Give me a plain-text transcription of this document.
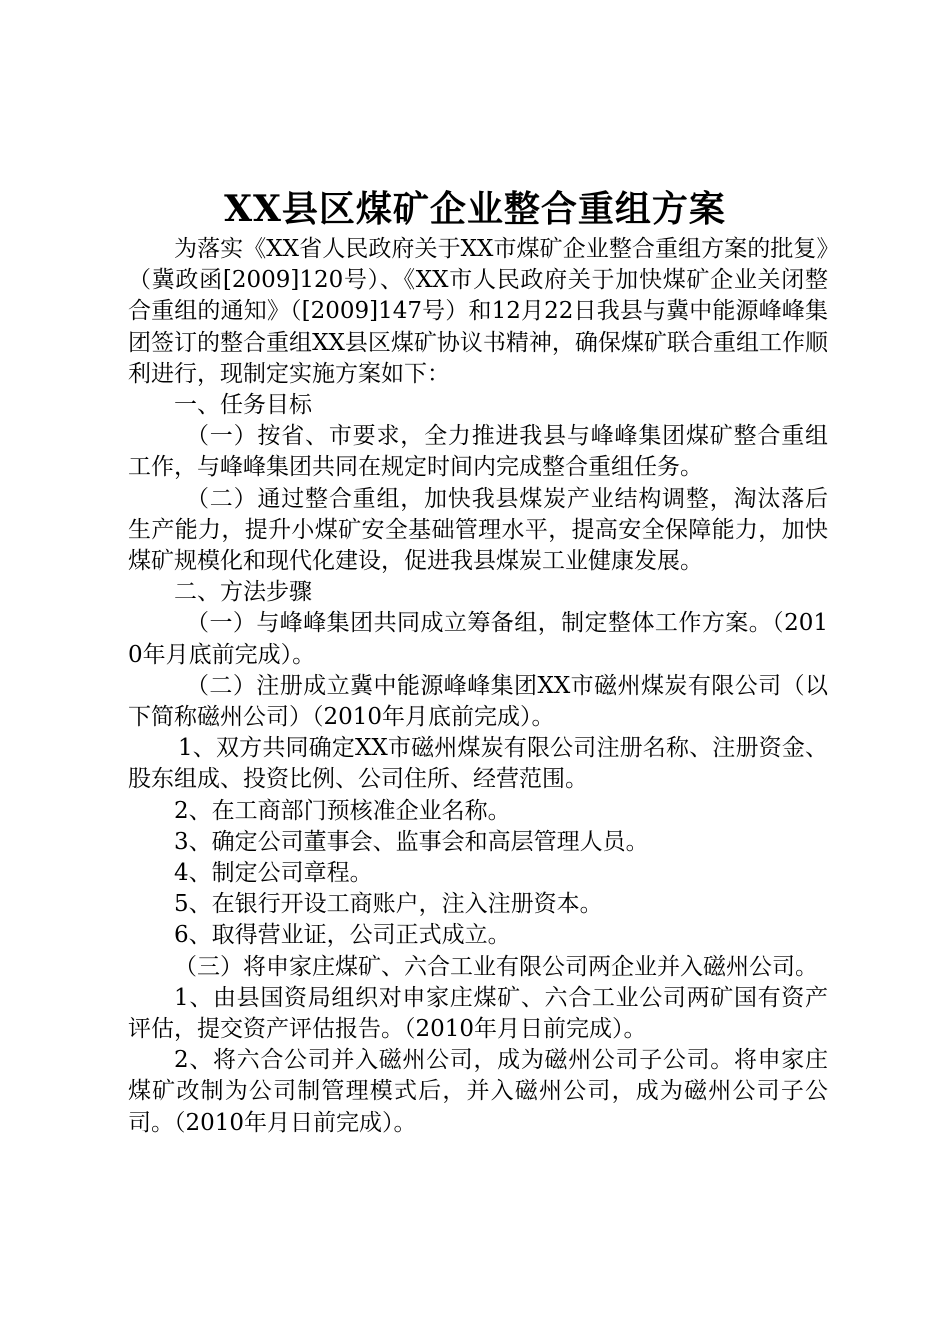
XX县区煤矿企业整合重组方案

为落实《XX省人民政府关于XX市煤矿企业整合重组方案的批复》（冀政函[2009]120号）、《XX市人民政府关于加快煤矿企业关闭整合重组的通知》（[2009]147号）和12月22日我县与冀中能源峰峰集团签订的整合重组XX县区煤矿协议书精神，确保煤矿联合重组工作顺利进行，现制定实施方案如下：

一、任务目标

（一）按省、市要求，全力推进我县与峰峰集团煤矿整合重组工作，与峰峰集团共同在规定时间内完成整合重组任务。

（二）通过整合重组，加快我县煤炭产业结构调整，淘汰落后生产能力，提升小煤矿安全基础管理水平，提高安全保障能力，加快煤矿规模化和现代化建设，促进我县煤炭工业健康发展。

二、方法步骤

（一）与峰峰集团共同成立筹备组，制定整体工作方案。（2010年月底前完成）。

（二）注册成立冀中能源峰峰集团XX市磁州煤炭有限公司（以下简称磁州公司）（2010年月底前完成）。

1、双方共同确定XX市磁州煤炭有限公司注册名称、注册资金、股东组成、投资比例、公司住所、经营范围。

2、在工商部门预核准企业名称。

3、确定公司董事会、监事会和高层管理人员。

4、制定公司章程。

5、在银行开设工商账户，注入注册资本。

6、取得营业证，公司正式成立。

（三）将申家庄煤矿、六合工业有限公司两企业并入磁州公司。

1、由县国资局组织对申家庄煤矿、六合工业公司两矿国有资产评估，提交资产评估报告。（2010年月日前完成）。

2、将六合公司并入磁州公司，成为磁州公司子公司。将申家庄煤矿改制为公司制管理模式后，并入磁州公司，成为磁州公司子公司。（2010年月日前完成）。
